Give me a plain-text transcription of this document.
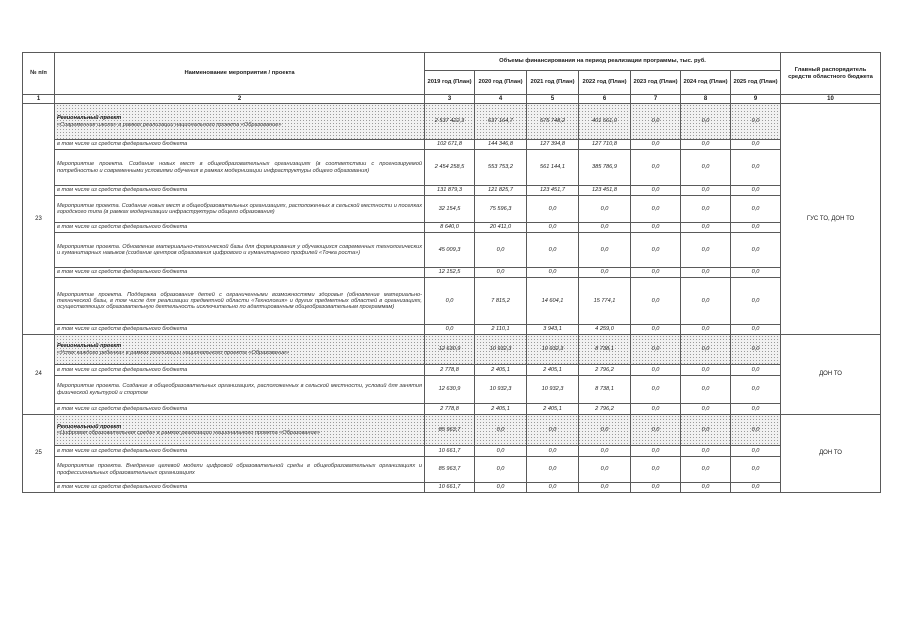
№ п/п	Наименование мероприятия / проекта	Объемы финансирования на период реализации программы, тыс. руб.							Главный распорядитель средств областного бюджета
		2019 год (План)	2020 год (План)	2021 год (План)	2022 год (План)	2023 год (План)	2024 год (План)	2025 год (План)	
1	2	3	4	5	6	7	8	9	10
23	Региональный проект
«Современная школа» в рамках реализации национального проекта «Образование»	2 537 422,3	637 164,7	575 748,2	401 561,0	0,0	0,0	0,0	ГУС ТО, ДОН ТО
	в том числе из средств федерального бюджета	102 671,8	144 346,8	127 394,8	127 710,8	0,0	0,0	0,0	
	Мероприятие проекта. Создание новых мест в общеобразовательных организациях (в соответствии с прогнозируемой потребностью и современными условиями обучения в рамках модернизации инфраструктуры общего образования)	2 454 258,5	553 753,2	561 144,1	385 786,9	0,0	0,0	0,0	
	в том числе из средств федерального бюджета	131 879,3	121 825,7	123 451,7	123 451,8	0,0	0,0	0,0	
	Мероприятие проекта. Создание новых мест в общеобразовательных организациях, расположенных в сельской местности и поселках городского типа (в рамках модернизации инфраструктуры общего образования)	32 154,5	75 596,3	0,0	0,0	0,0	0,0	0,0	
	в том числе из средств федерального бюджета	8 640,0	20 411,0	0,0	0,0	0,0	0,0	0,0	
	Мероприятие проекта. Обновление материально-технической базы для формирования у обучающихся современных технологических и гуманитарных навыков (создание центров образования цифрового и гуманитарного профилей «Точка роста»)	45 009,3	0,0	0,0	0,0	0,0	0,0	0,0	
	в том числе из средств федерального бюджета	12 152,5	0,0	0,0	0,0	0,0	0,0	0,0	
	Мероприятие проекта. Поддержка образования детей с ограниченными возможностями здоровья (обновление материально-технической базы, в том числе для реализации предметной области «Технология» и других предметных областей в организациях, осуществляющих образовательную деятельность исключительно по адаптированным общеобразовательным программам)	0,0	7 815,2	14 604,1	15 774,1	0,0	0,0	0,0	
	в том числе из средств федерального бюджета	0,0	2 110,1	3 943,1	4 259,0	0,0	0,0	0,0	
24	Региональный проект
«Успех каждого ребенка» в рамках реализации национального проекта «Образование»	12 630,9	10 932,3	10 932,3	8 738,1	0,0	0,0	0,0	ДОН ТО
	в том числе из средств федерального бюджета	2 778,8	2 405,1	2 405,1	2 796,2	0,0	0,0	0,0	
	Мероприятие проекта. Создание в общеобразовательных организациях, расположенных в сельской местности, условий для занятия физической культурой и спортом	12 630,9	10 932,3	10 932,3	8 738,1	0,0	0,0	0,0	
	в том числе из средств федерального бюджета	2 778,8	2 405,1	2 405,1	2 796,2	0,0	0,0	0,0	
25	Региональный проект
«Цифровая образовательная среда» в рамках реализации национального проекта «Образование»	85 963,7	0,0	0,0	0,0	0,0	0,0	0,0	ДОН ТО
	в том числе из средств федерального бюджета	10 661,7	0,0	0,0	0,0	0,0	0,0	0,0	
	Мероприятие проекта. Внедрение целевой модели цифровой образовательной среды в общеобразовательных организациях и профессиональных образовательных организациях	85 963,7	0,0	0,0	0,0	0,0	0,0	0,0	
	в том числе из средств федерального бюджета	10 661,7	0,0	0,0	0,0	0,0	0,0	0,0	
